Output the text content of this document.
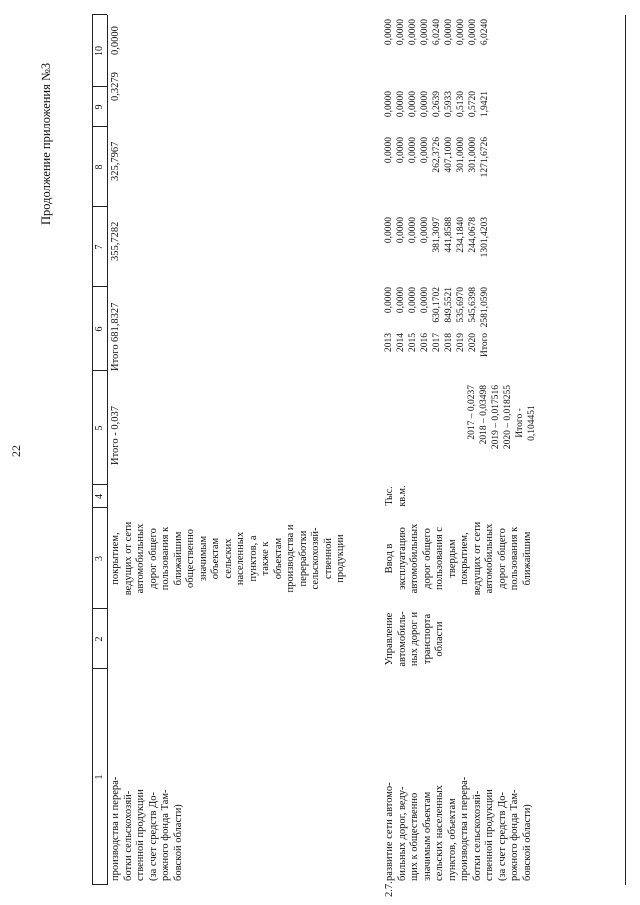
22
Продолжение приложения №3
1
2
3
4
5
6
7
8
9
10
производства и перера-
ботки сельскохозяй-
ственной продукции
(за счет средств До-
рожного фонда Там-
бовской области)
покрытием,
ведущих от сети
автомобильных
дорог общего
пользования к
ближайшим
общественно
значимым
объектам
сельских
населенных
пунктов, а
также к
объектам
производства и
переработки
сельскохозяй-
ственной
продукции
Итого - 0,037
Итого
681,8327
355,7282
325,7967
0,3279
0,0000
2.7.
развитие сети автомо-
бильных дорог, веду-
щих к общественно
значимым объектам
сельских населенных
пунктов, объектам
производства и перера-
ботки сельскохозяй-
ственной продукции
(за счет средств До-
рожного фонда Там-
бовской области)
Управление
автомобиль-
ных дорог и
транспорта
области
Ввод в
эксплуатацию
автомобильных
дорог общего
пользования с
твердым
покрытием,
ведущих от сети
автомобильных
дорог общего
пользования к
ближайшим
Тыс.
кв.м.
2017 – 0,0237 2018 – 0,03498 2019 – 0,017516 2020 – 0,018255 Итого -
0,104451
2013 2014 2015 2016 2017 2018 2019 2020 Итого
0,0000 0,0000 0,0000 0,0000 630,1702 849,5521 535,6970 545,6398 2581,0590
0,0000 0,0000 0,0000 0,0000 381,3097 441,8588 234,1840 244,0678 1301,4203
0,0000 0,0000 0,0000 0,0000 262,3726 407,1000 301,0000 301,0000 1271,6726
0,0000 0,0000 0,0000 0,0000 0,2639 0,5933 0,5130 0,5720 1,9421
0,0000 0,0000 0,0000 0,0000 6,0240 0,0000 0,0000 0,0000 6,0240
